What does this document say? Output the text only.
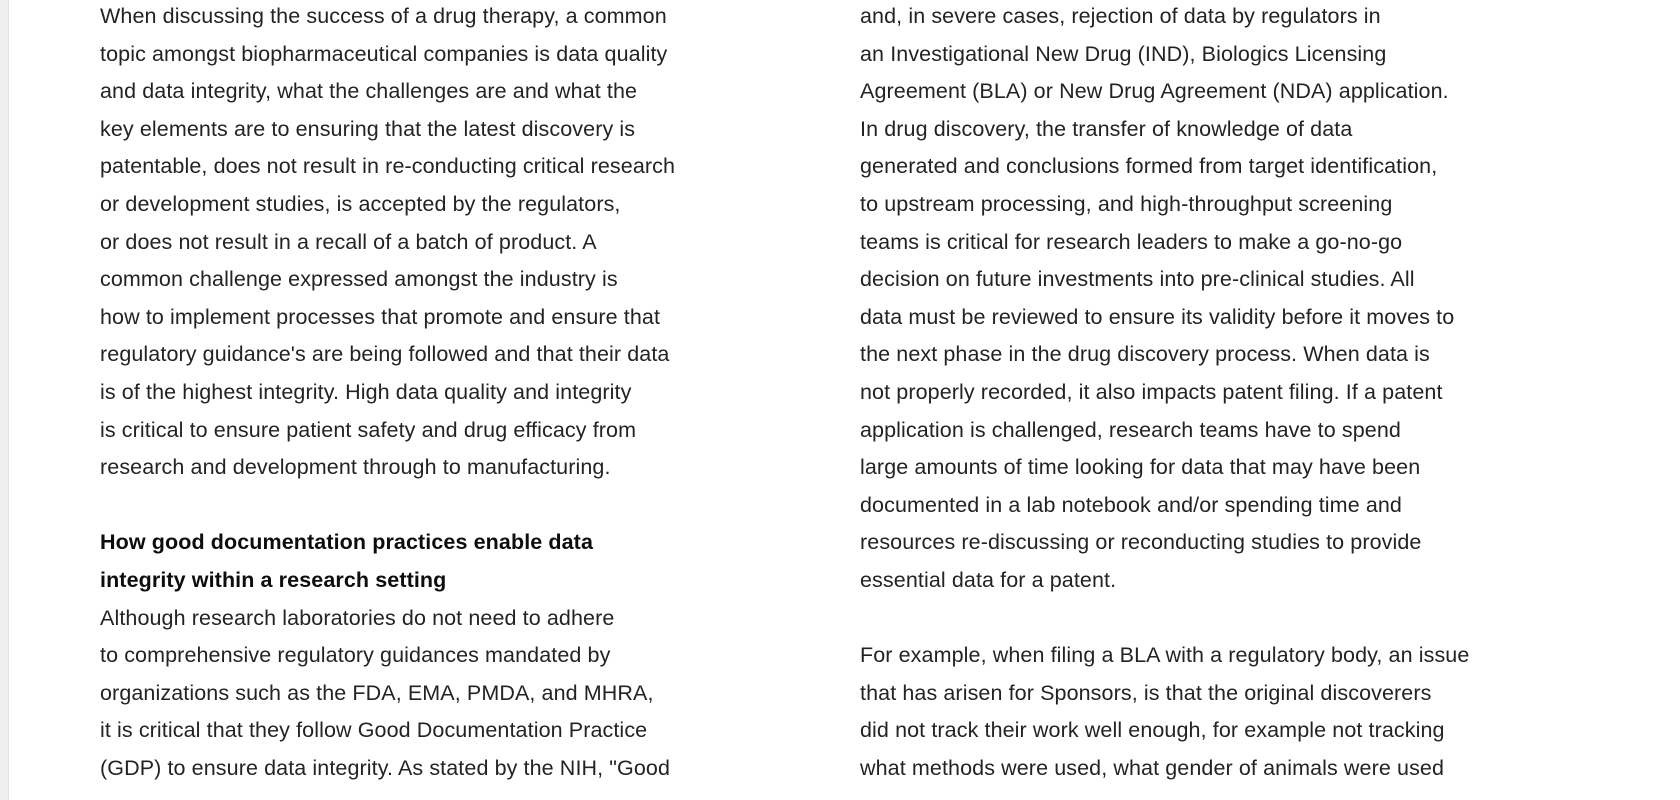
When discussing the success of a drug therapy, a common
topic amongst biopharmaceutical companies is data quality
and data integrity, what the challenges are and what the
key elements are to ensuring that the latest discovery is
patentable, does not result in re-conducting critical research
or development studies, is accepted by the regulators,
or does not result in a recall of a batch of product. A
common challenge expressed amongst the industry is
how to implement processes that promote and ensure that
regulatory guidance's are being followed and that their data
is of the highest integrity. High data quality and integrity
is critical to ensure patient safety and drug efficacy from
research and development through to manufacturing.
How good documentation practices enable data
integrity within a research setting
Although research laboratories do not need to adhere
to comprehensive regulatory guidances mandated by
organizations such as the FDA, EMA, PMDA, and MHRA,
it is critical that they follow Good Documentation Practice
(GDP) to ensure data integrity. As stated by the NIH, "Good
and, in severe cases, rejection of data by regulators in
an Investigational New Drug (IND), Biologics Licensing
Agreement (BLA) or New Drug Agreement (NDA) application.
In drug discovery, the transfer of knowledge of data
generated and conclusions formed from target identification,
to upstream processing, and high-throughput screening
teams is critical for research leaders to make a go-no-go
decision on future investments into pre-clinical studies. All
data must be reviewed to ensure its validity before it moves to
the next phase in the drug discovery process. When data is
not properly recorded, it also impacts patent filing. If a patent
application is challenged, research teams have to spend
large amounts of time looking for data that may have been
documented in a lab notebook and/or spending time and
resources re-discussing or reconducting studies to provide
essential data for a patent.
For example, when filing a BLA with a regulatory body, an issue
that has arisen for Sponsors, is that the original discoverers
did not track their work well enough, for example not tracking
what methods were used, what gender of animals were used
